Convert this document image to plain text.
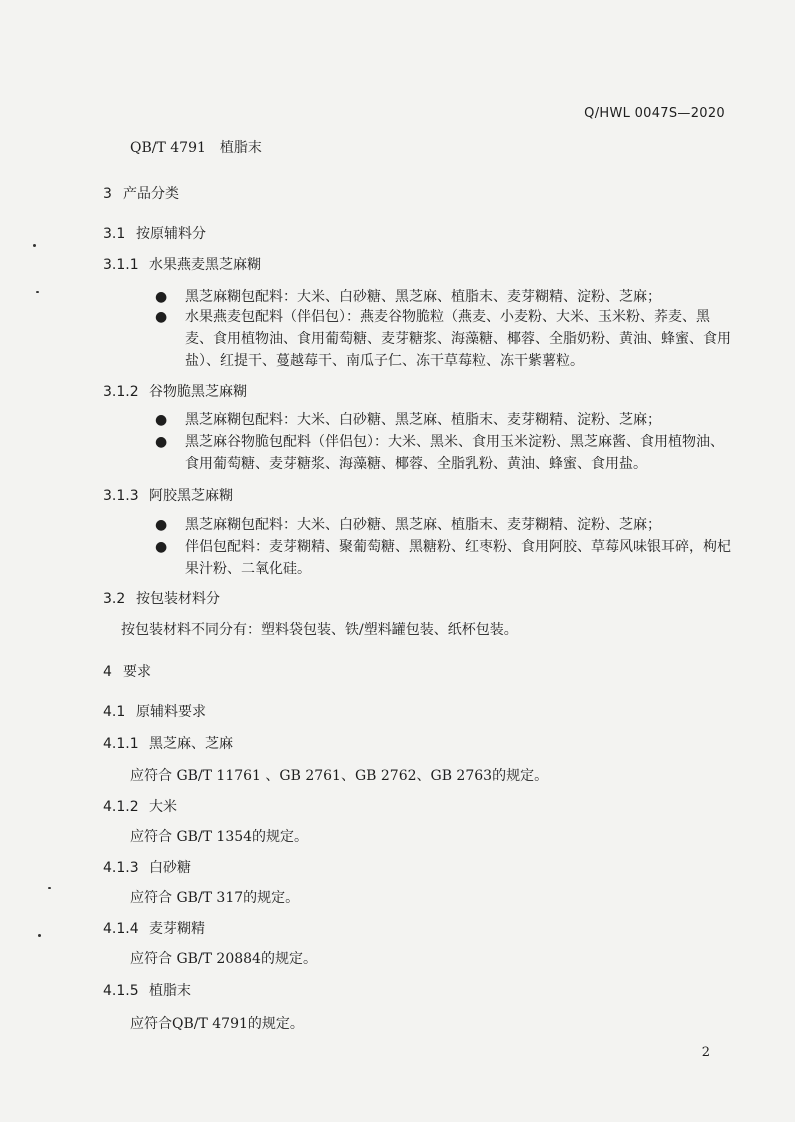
Q/HWL 0047S—2020
QB/T 4791　植脂末
3 产品分类
3.1 按原辅料分
3.1.1 水果燕麦黑芝麻糊
●	黑芝麻糊包配料：大米、白砂糖、黑芝麻、植脂末、麦芽糊精、淀粉、芝麻；
●	水果燕麦包配料（伴侣包）：燕麦谷物脆粒（燕麦、小麦粉、大米、玉米粉、荞麦、黑麦、食用植物油、食用葡萄糖、麦芽糖浆、海藻糖、椰蓉、全脂奶粉、黄油、蜂蜜、食用盐）、红提干、蔓越莓干、南瓜子仁、冻干草莓粒、冻干紫薯粒。
3.1.2 谷物脆黑芝麻糊
●	黑芝麻糊包配料：大米、白砂糖、黑芝麻、植脂末、麦芽糊精、淀粉、芝麻；
●	黑芝麻谷物脆包配料（伴侣包）：大米、黑米、食用玉米淀粉、黑芝麻酱、食用植物油、食用葡萄糖、麦芽糖浆、海藻糖、椰蓉、全脂乳粉、黄油、蜂蜜、食用盐。
3.1.3 阿胶黑芝麻糊
●	黑芝麻糊包配料：大米、白砂糖、黑芝麻、植脂末、麦芽糊精、淀粉、芝麻；
●	伴侣包配料：麦芽糊精、聚葡萄糖、黑糖粉、红枣粉、食用阿胶、草莓风味银耳碎，枸杞果汁粉、二氧化硅。
3.2 按包装材料分
按包装材料不同分有：塑料袋包装、铁/塑料罐包装、纸杯包装。
4 要求
4.1 原辅料要求
4.1.1 黑芝麻、芝麻
应符合 GB/T 11761 、GB 2761、GB 2762、GB 2763的规定。
4.1.2 大米
应符合 GB/T 1354的规定。
4.1.3 白砂糖
应符合 GB/T 317的规定。
4.1.4 麦芽糊精
应符合 GB/T 20884的规定。
4.1.5 植脂末
应符合QB/T 4791的规定。
2
